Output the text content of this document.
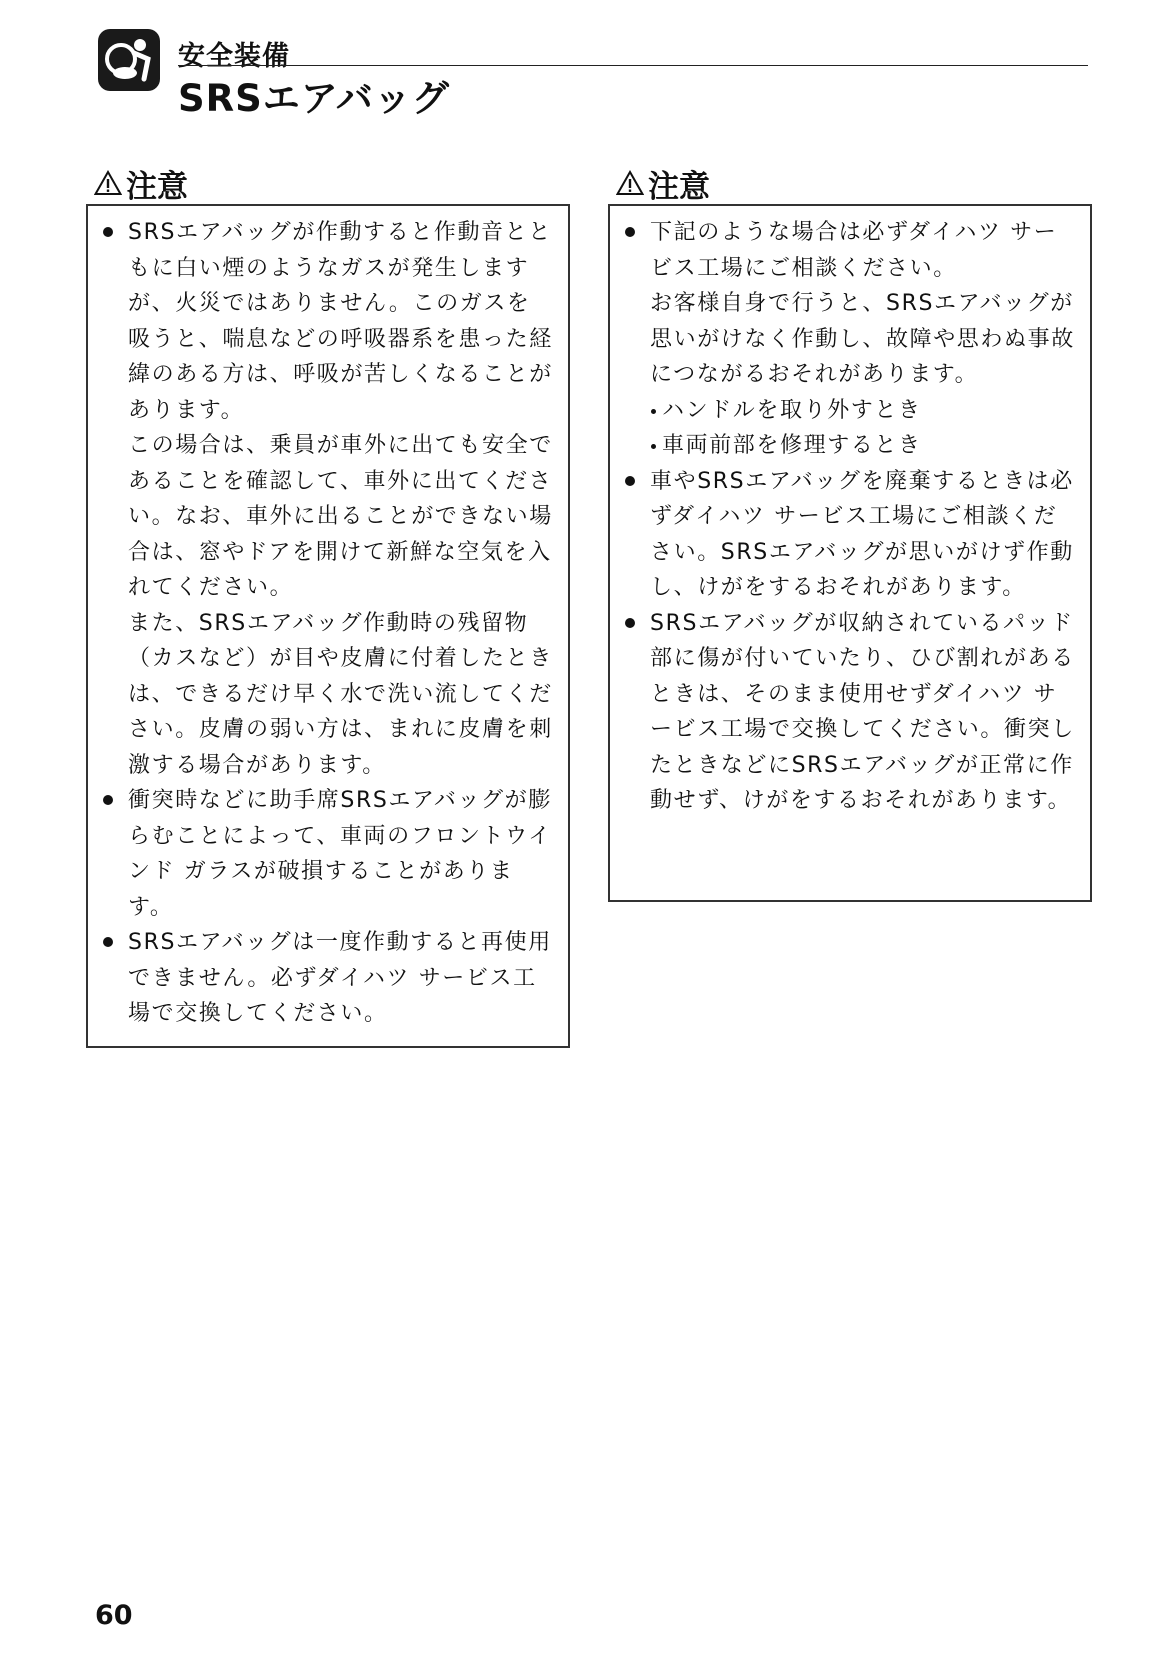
安全装備
SRSエアバッグ
注意

SRSエアバッグが作動すると作動音とともに白い煙のようなガスが発生しますが、火災ではありません。このガスを吸うと、喘息などの呼吸器系を患った経緯のある方は、呼吸が苦しくなることがあります。

この場合は、乗員が車外に出ても安全であることを確認して、車外に出てください。なお、車外に出ることができない場合は、窓やドアを開けて新鮮な空気を入れてください。

また、SRSエアバッグ作動時の残留物（カスなど）が目や皮膚に付着したときは、できるだけ早く水で洗い流してください。皮膚の弱い方は、まれに皮膚を刺激する場合があります。

衝突時などに助手席SRSエアバッグが膨らむことによって、車両のフロントウインド ガラスが破損することがあります。

SRSエアバッグは一度作動すると再使用できません。必ずダイハツ サービス工場で交換してください。

注意

下記のような場合は必ずダイハツ サービス工場にご相談ください。

お客様自身で行うと、SRSエアバッグが思いがけなく作動し、故障や思わぬ事故につながるおそれがあります。

ハンドルを取り外すとき

車両前部を修理するとき

車やSRSエアバッグを廃棄するときは必ずダイハツ サービス工場にご相談ください。SRSエアバッグが思いがけず作動し、けがをするおそれがあります。

SRSエアバッグが収納されているパッド部に傷が付いていたり、ひび割れがあるときは、そのまま使用せずダイハツ サービス工場で交換してください。衝突したときなどにSRSエアバッグが正常に作動せず、けがをするおそれがあります。

60
